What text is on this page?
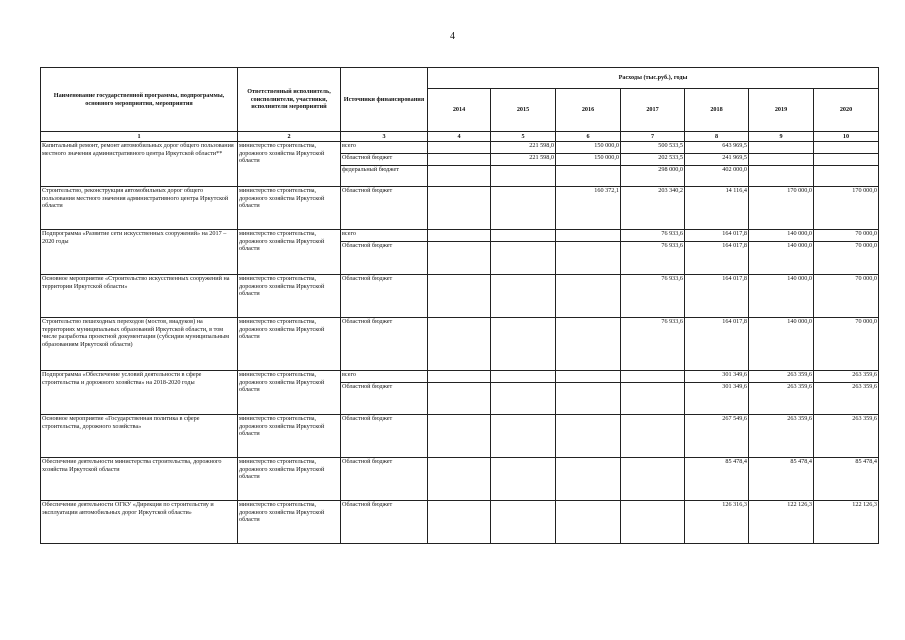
4
Наименование государственной программы, подпрограммы, основного мероприятия, мероприятия	Ответственный исполнитель, соисполнители, участники, исполнители мероприятий	Источники финансирования	Расходы (тыс.руб.), годы						
			2014	2015	2016	2017	2018	2019	2020
1	2	3	4	5	6	7	8	9	10
Капитальный ремонт, ремонт автомобильных дорог общего пользования местного значения административного центра Иркутской области**	министерство строительства, дорожного хозяйства Иркутской области	всего		221 598,0	150 000,0	500 533,5	643 969,5		
		Областной бюджет		221 598,0	150 000,0	202 533,5	241 969,5		
		федеральный бюджет				298 000,0	402 000,0		
Строительство, реконструкция автомобильных дорог общего пользования местного значения административного центра Иркутской области	министерство строительства, дорожного хозяйства Иркутской области	Областной бюджет			160 372,1	203 340,2	14 116,4	170 000,0	170 000,0
Подпрограмма «Развитие сети искусственных сооружений» на 2017 – 2020 годы	министерство строительства, дорожного хозяйства Иркутской области	всего				76 933,6	164 017,8	140 000,0	70 000,0
		Областной бюджет				76 933,6	164 017,8	140 000,0	70 000,0
Основное мероприятие «Строительство искусственных сооружений на территории Иркутской области»	министерство строительства, дорожного хозяйства Иркутской области	Областной бюджет				76 933,6	164 017,8	140 000,0	70 000,0
Строительство пешеходных переходов (мостов, виадуков) на территориях муниципальных образований Иркутской области, в том числе разработка проектной документации (субсидии муниципальным образованиям Иркутской области)	министерство строительства, дорожного хозяйства Иркутской области	Областной бюджет				76 933,6	164 017,8	140 000,0	70 000,0
Подпрограмма «Обеспечение условий деятельности в сфере строительства и дорожного хозяйства» на 2018-2020 годы	министерство строительства, дорожного хозяйства Иркутской области	всего					301 349,6	263 359,6	263 359,6
		Областной бюджет					301 349,6	263 359,6	263 359,6
Основное мероприятие «Государственная политика в сфере строительства, дорожного хозяйства»	министерство строительства, дорожного хозяйства Иркутской области	Областной бюджет					267 549,6	263 359,6	263 359,6
Обеспечение деятельности министерства строительства, дорожного хозяйства Иркутской области	министерство строительства, дорожного хозяйства Иркутской области	Областной бюджет					85 478,4	85 478,4	85 478,4
Обеспечение деятельности ОГКУ «Дирекция по строительству и эксплуатации автомобильных дорог Иркутской области»	министерство строительства, дорожного хозяйства Иркутской области	Областной бюджет					126 316,3	122 126,3	122 126,3
